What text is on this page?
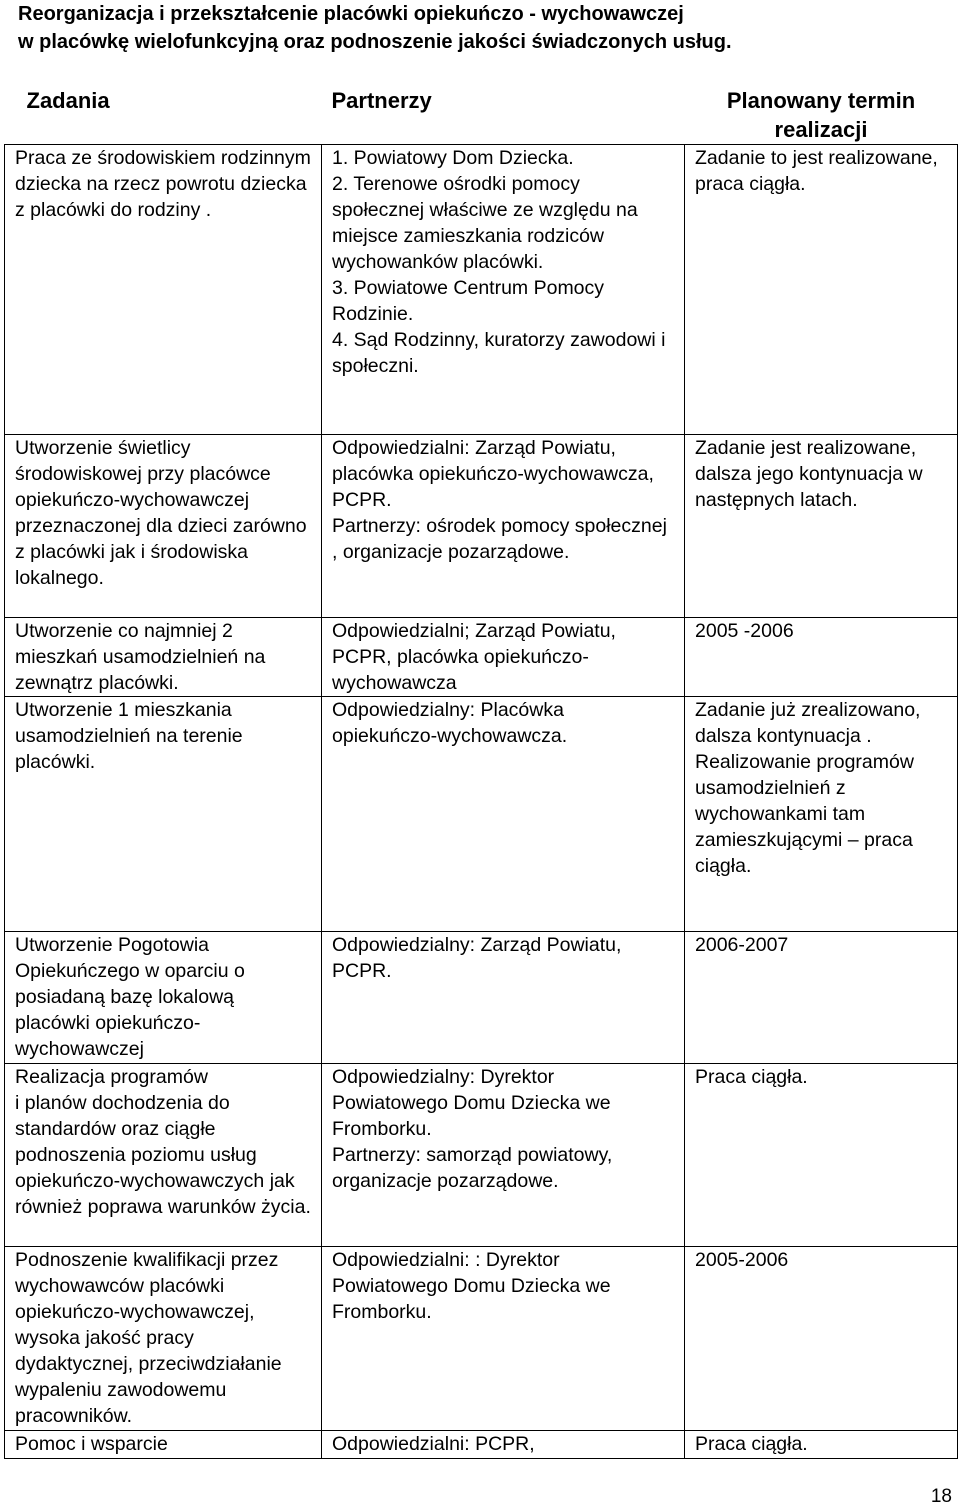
Reorganizacja i przekształcenie placówki opiekuńczo - wychowawczej
w placówkę wielofunkcyjną oraz podnoszenie jakości świadczonych usług.
Zadania	Partnerzy	Planowany termin realizacji
Praca ze środowiskiem rodzinnym dziecka na rzecz powrotu dziecka z placówki do rodziny .	1. Powiatowy Dom Dziecka.
2. Terenowe ośrodki pomocy społecznej właściwe ze względu na miejsce zamieszkania rodziców wychowanków placówki.
3. Powiatowe Centrum Pomocy Rodzinie.
4. Sąd Rodzinny, kuratorzy zawodowi i społeczni.	Zadanie to jest realizowane, praca ciągła.
Utworzenie świetlicy środowiskowej przy placówce opiekuńczo-wychowawczej przeznaczonej dla dzieci zarówno z placówki jak i środowiska lokalnego.	Odpowiedzialni: Zarząd Powiatu, placówka opiekuńczo-wychowawcza, PCPR.
Partnerzy: ośrodek pomocy społecznej , organizacje pozarządowe.	Zadanie jest realizowane, dalsza jego kontynuacja w następnych latach.
Utworzenie co najmniej 2 mieszkań usamodzielnień na zewnątrz placówki.	Odpowiedzialni; Zarząd Powiatu, PCPR, placówka opiekuńczo-wychowawcza	2005 -2006
Utworzenie 1 mieszkania usamodzielnień na terenie placówki.	Odpowiedzialny: Placówka opiekuńczo-wychowawcza.	Zadanie już zrealizowano, dalsza kontynuacja . Realizowanie programów usamodzielnień z wychowankami tam zamieszkującymi – praca ciągła.
Utworzenie Pogotowia Opiekuńczego w oparciu o posiadaną bazę lokalową placówki opiekuńczo-wychowawczej	Odpowiedzialny: Zarząd Powiatu, PCPR.	2006-2007
Realizacja programów
i planów dochodzenia do standardów oraz ciągłe podnoszenia poziomu usług opiekuńczo-wychowawczych jak również poprawa warunków życia.	Odpowiedzialny: Dyrektor Powiatowego Domu Dziecka we Fromborku.
Partnerzy: samorząd powiatowy, organizacje pozarządowe.	Praca ciągła.
Podnoszenie kwalifikacji przez wychowawców placówki opiekuńczo-wychowawczej, wysoka jakość pracy dydaktycznej, przeciwdziałanie wypaleniu zawodowemu pracowników.	Odpowiedzialni: : Dyrektor Powiatowego Domu Dziecka we Fromborku.	2005-2006
Pomoc i wsparcie	Odpowiedzialni: PCPR,	Praca ciągła.
18
